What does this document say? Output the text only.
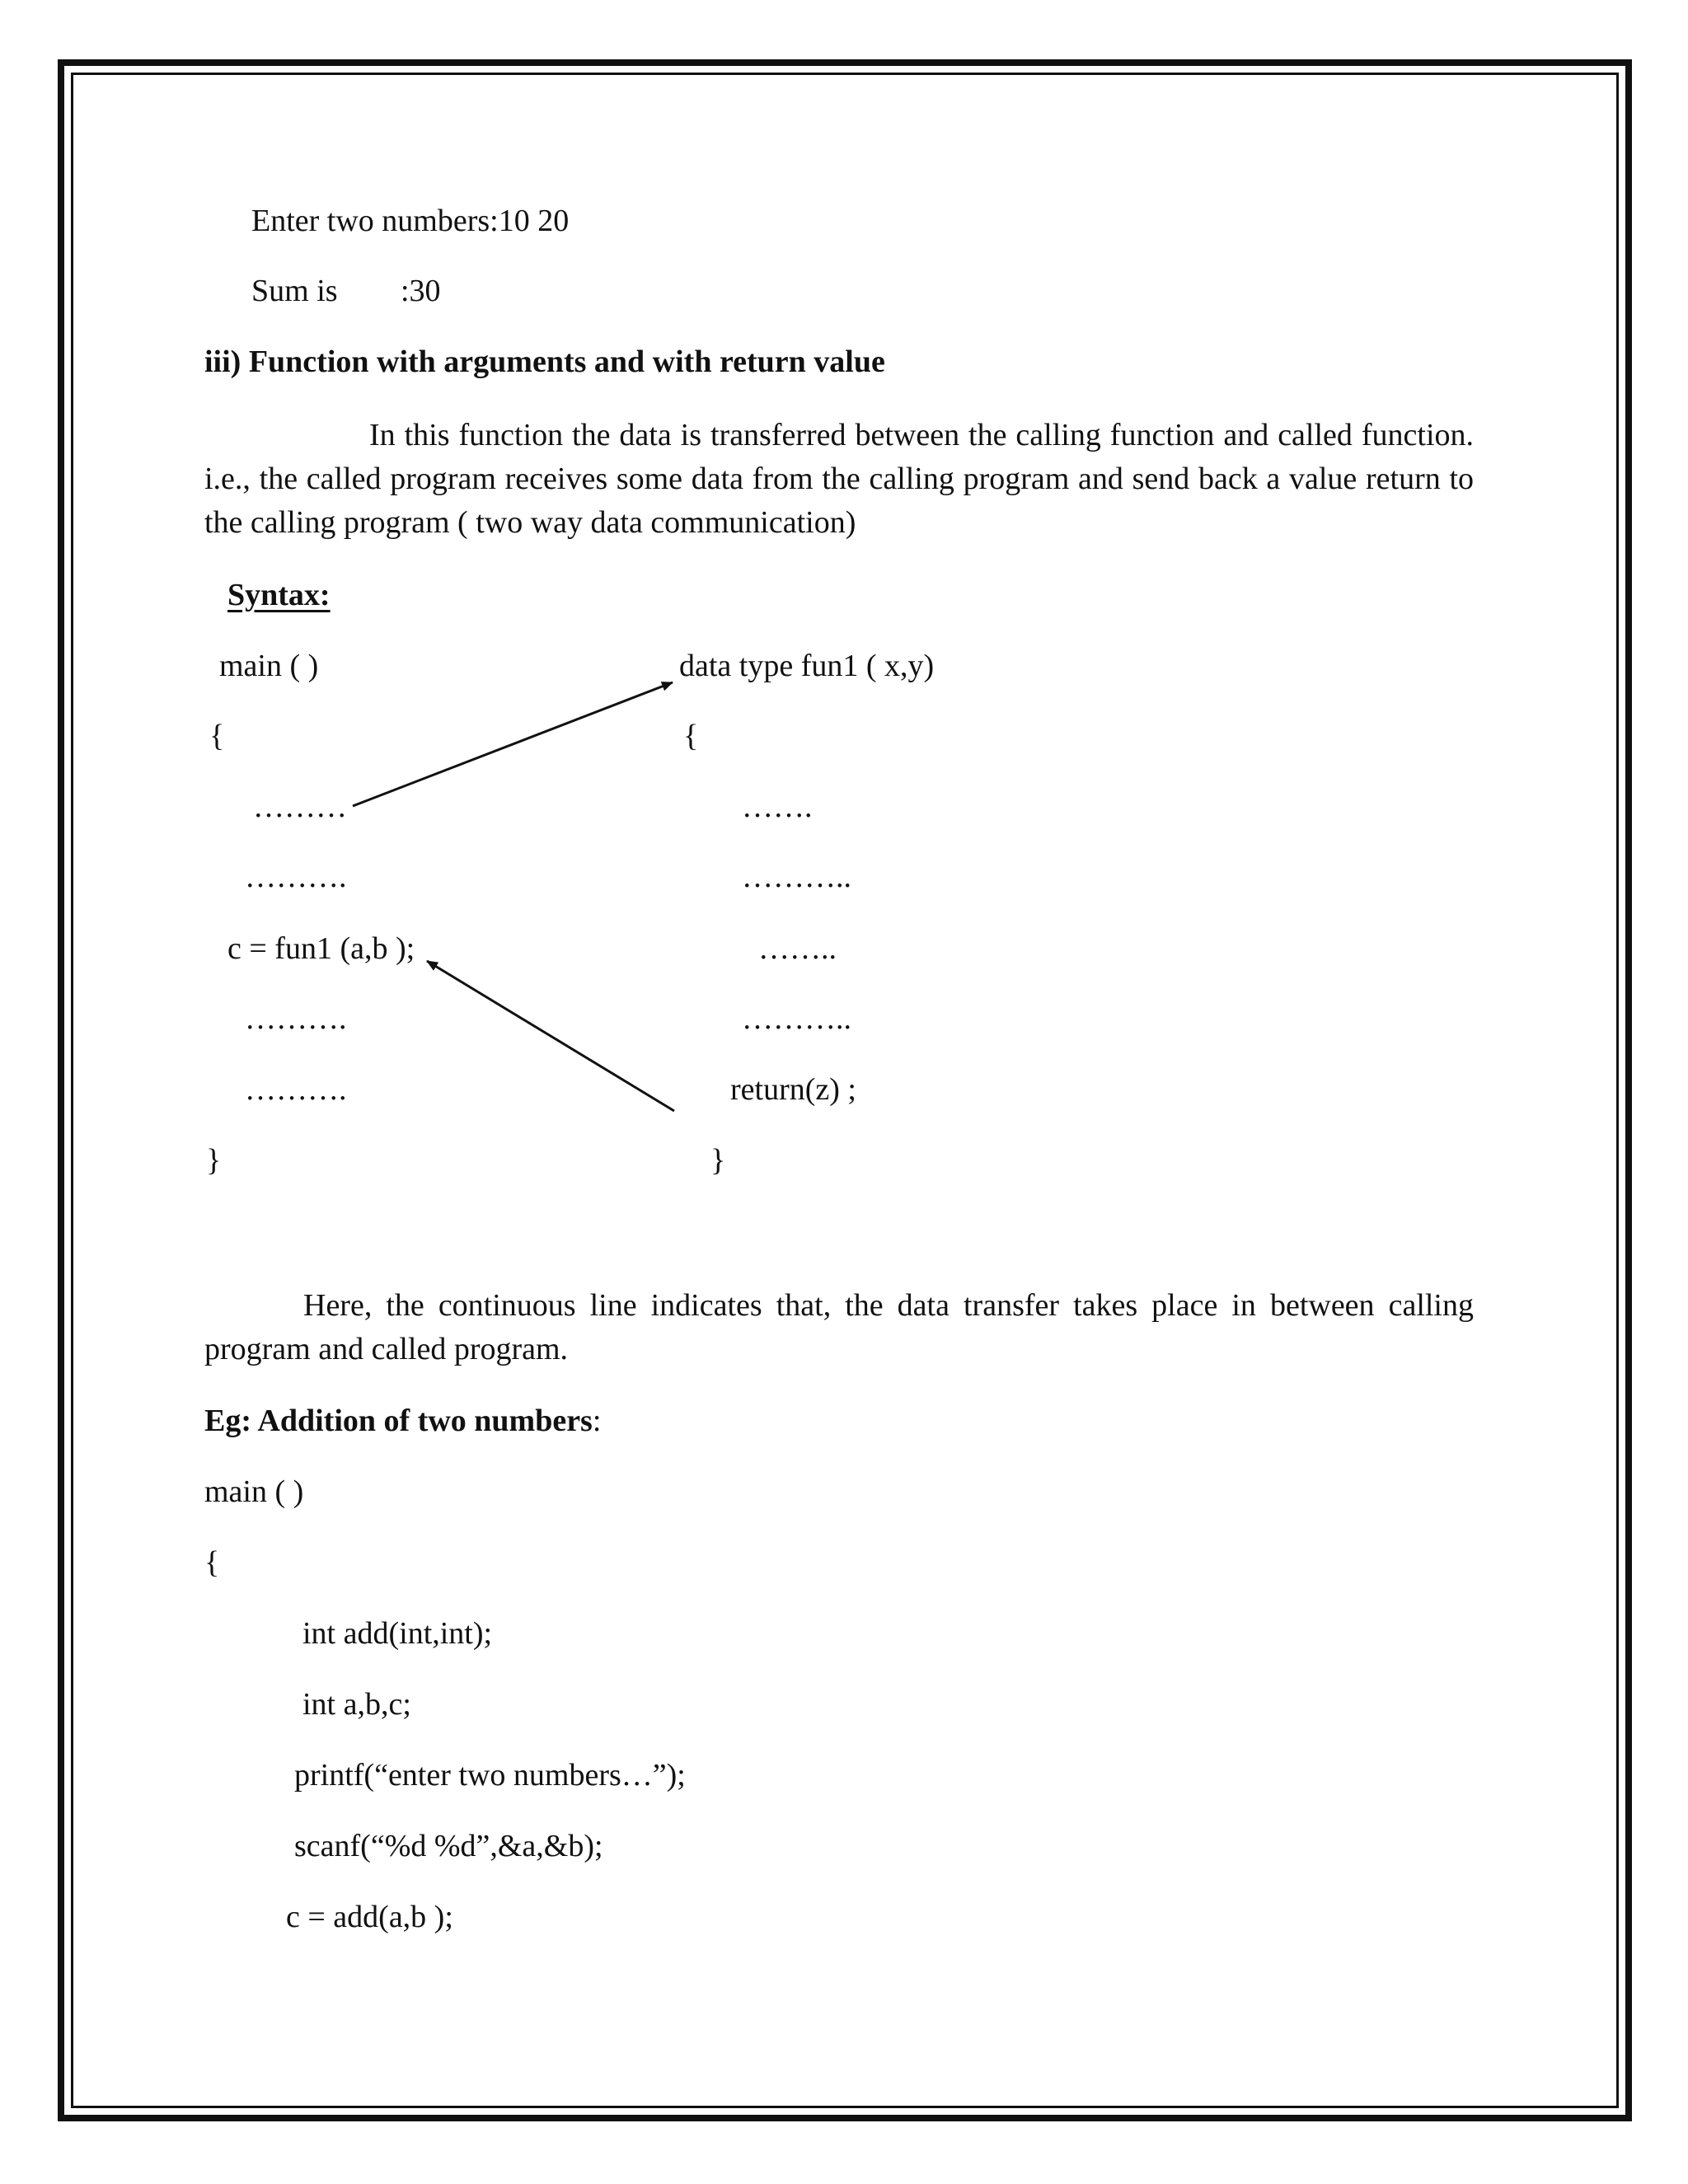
Enter two numbers:10 20
Sum is :30
iii) Function with arguments and with return value
In this function the data is transferred between the calling function and called function. i.e., the called program receives some data from the calling program and send back a value return to the calling program ( two way data communication)
Syntax:
main ( )
{
………
……….
c = fun1 (a,b );
……….
……….
}
data type fun1 ( x,y)
{
…….
………..
……..
………..
return(z) ;
}
Here, the continuous line indicates that, the data transfer takes place in between calling program and called program.
Eg: Addition of two numbers:
main ( )
{
int add(int,int);
int a,b,c;
printf(“enter two numbers…”);
scanf(“%d %d”,&a,&b);
c = add(a,b );
